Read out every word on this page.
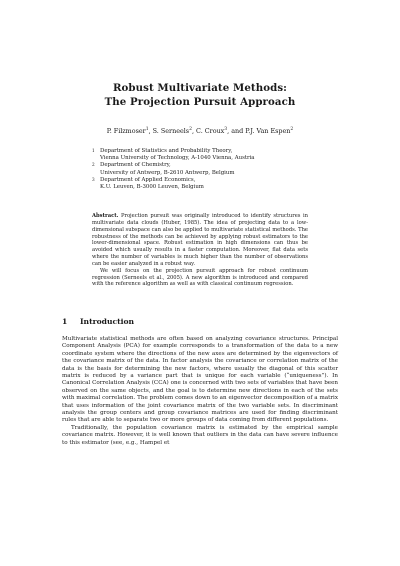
Robust Multivariate Methods:
The Projection Pursuit Approach
P. Filzmoser$^1$, S. Serneels$^2$, C. Croux$^3$, and P.J. Van Espen$^2$
1 Department of Statistics and Probability Theory,
Vienna University of Technology, A-1040 Vienna, Austria
2 Department of Chemistry,
University of Antwerp, B-2610 Antwerp, Belgium
3 Department of Applied Economics,
K.U. Leuven, B-3000 Leuven, Belgium

Abstract. Projection pursuit was originally introduced to identify structures in multivariate data clouds (Huber, 1985). The idea of projecting data to a low-dimensional subspace can also be applied to multivariate statistical methods. The robustness of the methods can be achieved by applying robust estimators to the lower-dimensional space. Robust estimation in high dimensions can thus be avoided which usually results in a faster computation. Moreover, flat data sets where the number of variables is much higher than the number of observations can be easier analyzed in a robust way.

We will focus on the projection pursuit approach for robust continuum regression (Serneels et al., 2005). A new algorithm is introduced and compared with the reference algorithm as well as with classical continuum regression.

1 Introduction

Multivariate statistical methods are often based on analyzing covariance structures. Principal Component Analysis (PCA) for example corresponds to a transformation of the data to a new coordinate system where the directions of the new axes are determined by the eigenvectors of the covariance matrix of the data. In factor analysis the covariance or correlation matrix of the data is the basis for determining the new factors, where usually the diagonal of this scatter matrix is reduced by a variance part that is unique for each variable (“uniqueness”). In Canonical Correlation Analysis (CCA) one is concerned with two sets of variables that have been observed on the same objects, and the goal is to determine new directions in each of the sets with maximal correlation. The problem comes down to an eigenvector decomposition of a matrix that uses information of the joint covariance matrix of the two variable sets. In discriminant analysis the group centers and group covariance matrices are used for finding discriminant rules that are able to separate two or more groups of data coming from different populations.

Traditionally, the population covariance matrix is estimated by the empirical sample covariance matrix. However, it is well known that outliers in the data can have severe influence to this estimator (see, e.g., Hampel et
